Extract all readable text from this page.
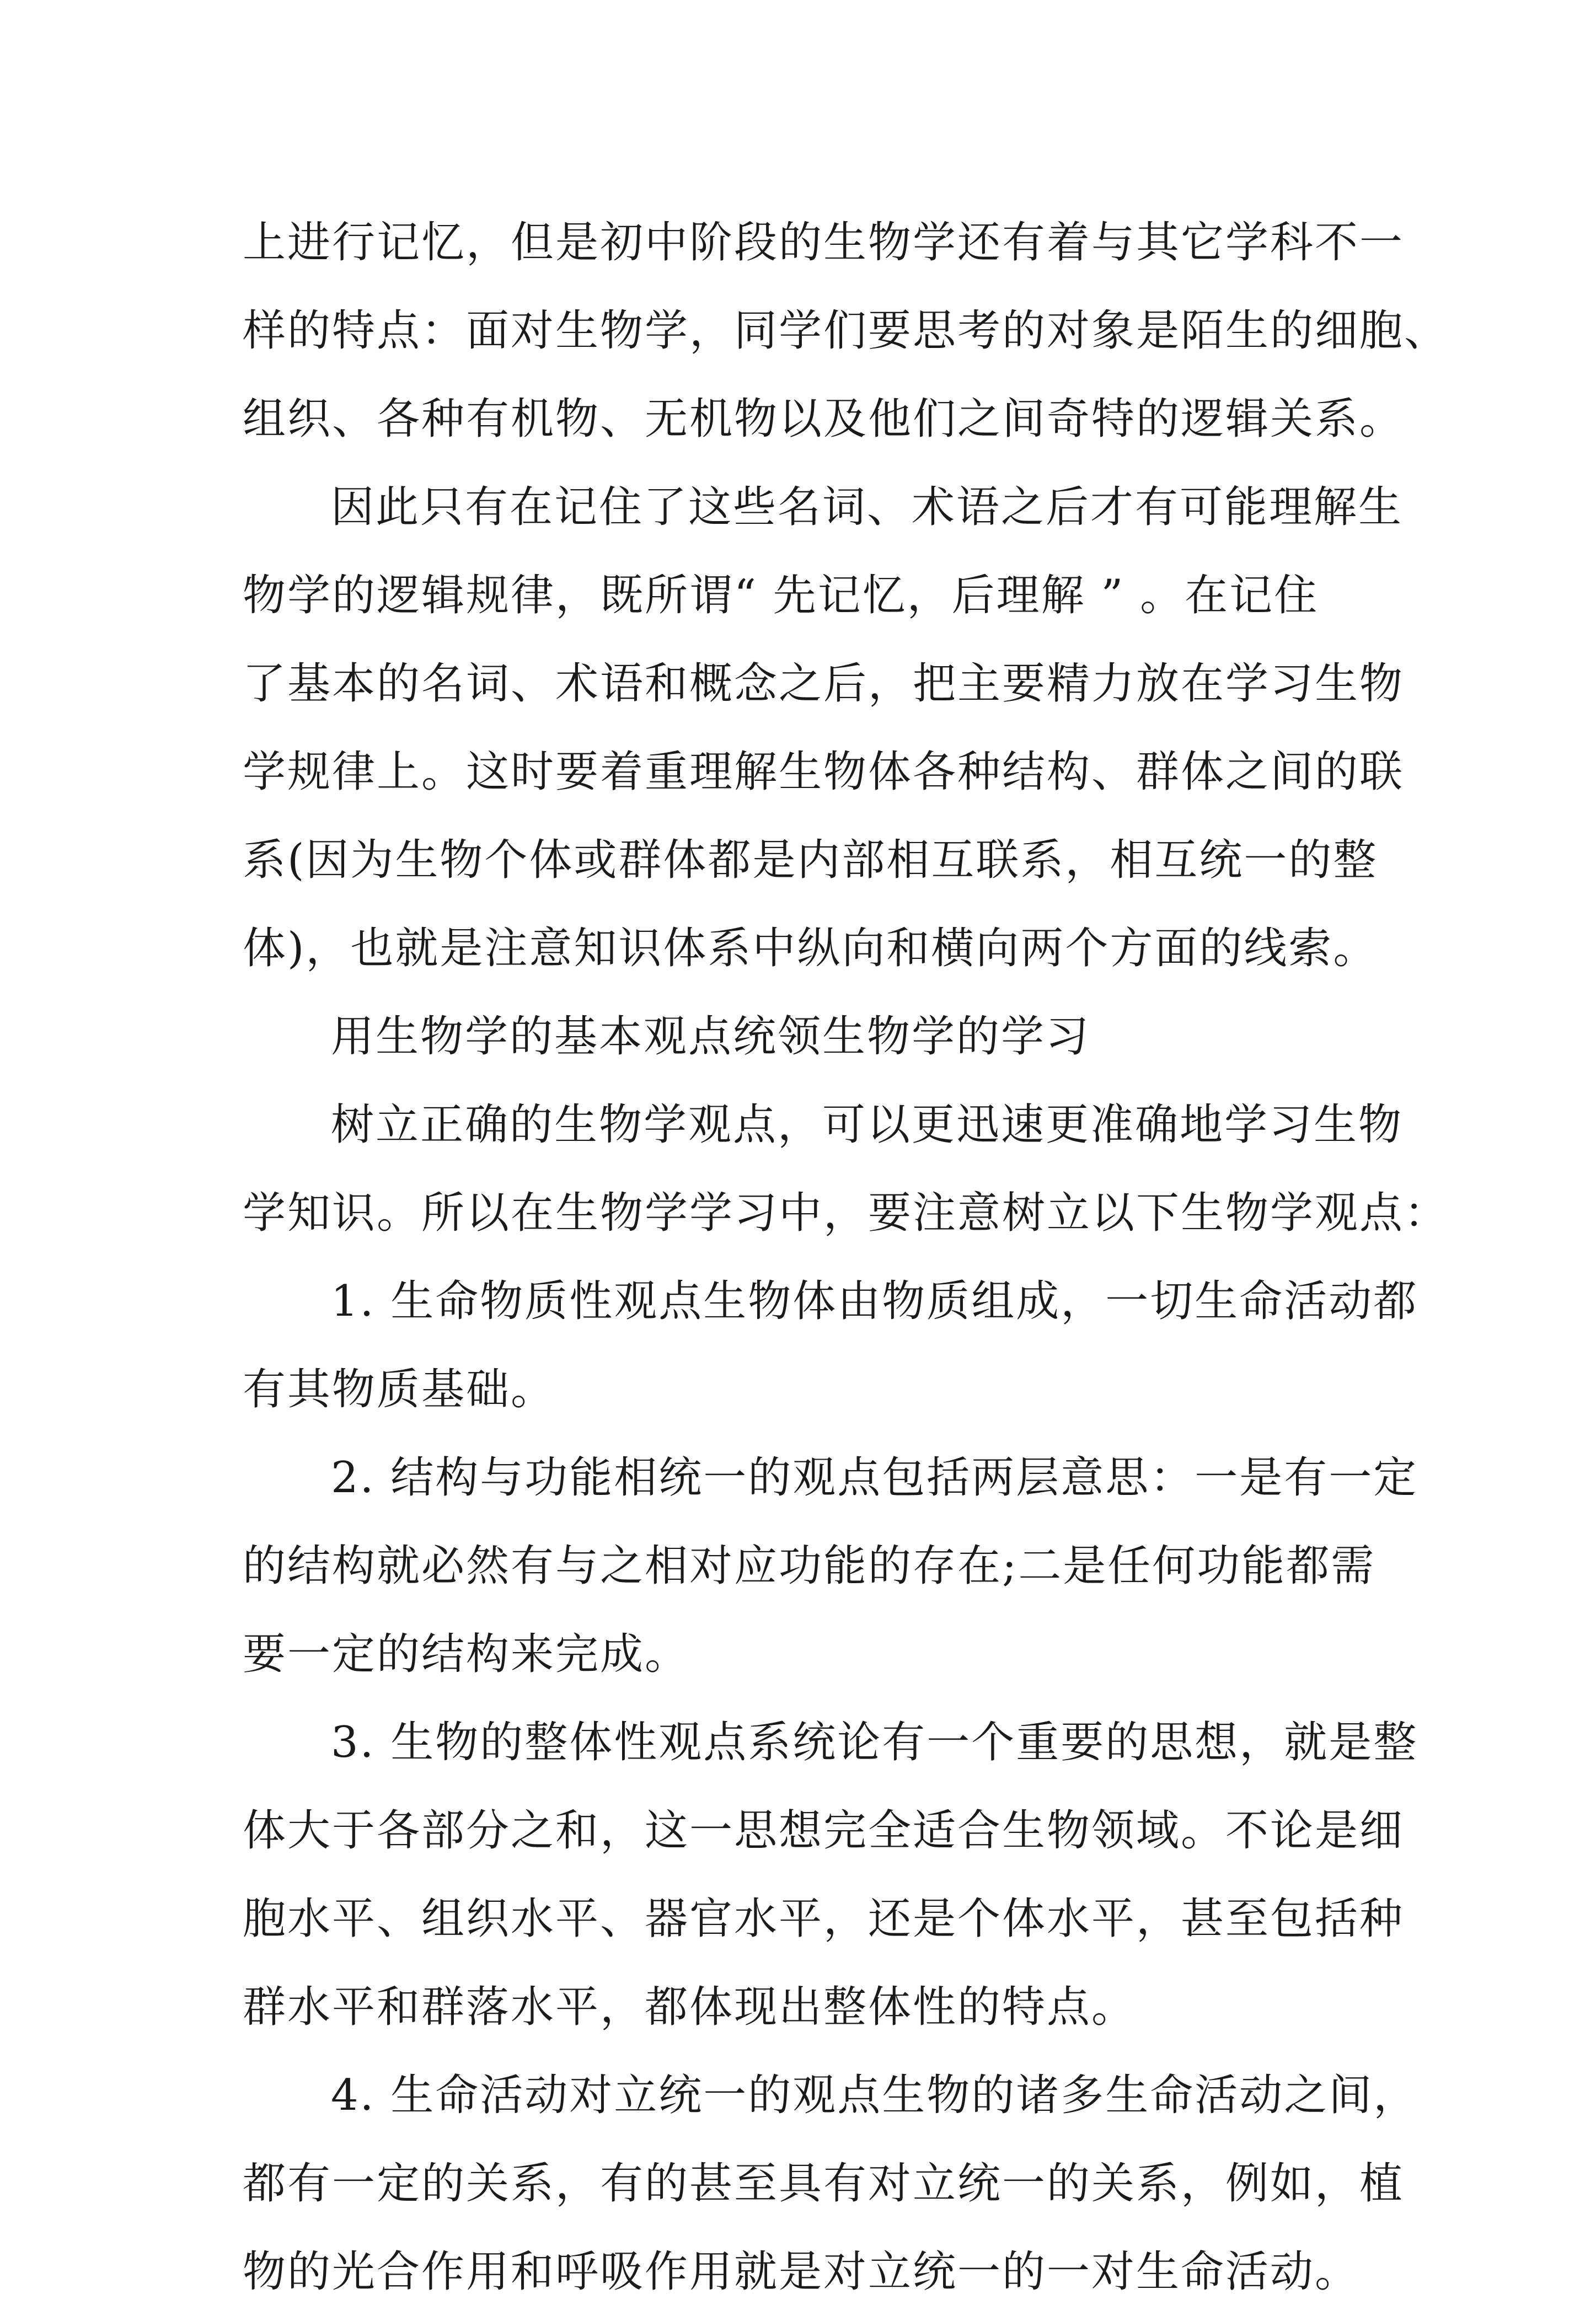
上进行记忆，但是初中阶段的生物学还有着与其它学科不一
样的特点：面对生物学，同学们要思考的对象是陌生的细胞、
组织、各种有机物、无机物以及他们之间奇特的逻辑关系。
因此只有在记住了这些名词、术语之后才有可能理解生
物学的逻辑规律，既所谓“ 先记忆，后理解 ” 。在记住
了基本的名词、术语和概念之后，把主要精力放在学习生物
学规律上。这时要着重理解生物体各种结构、群体之间的联
系(因为生物个体或群体都是内部相互联系，相互统一的整
体)，也就是注意知识体系中纵向和横向两个方面的线索。
用生物学的基本观点统领生物学的学习
树立正确的生物学观点，可以更迅速更准确地学习生物
学知识。所以在生物学学习中，要注意树立以下生物学观点：
1. 生命物质性观点生物体由物质组成，一切生命活动都
有其物质基础。
2. 结构与功能相统一的观点包括两层意思：一是有一定
的结构就必然有与之相对应功能的存在;二是任何功能都需
要一定的结构来完成。
3. 生物的整体性观点系统论有一个重要的思想，就是整
体大于各部分之和，这一思想完全适合生物领域。不论是细
胞水平、组织水平、器官水平，还是个体水平，甚至包括种
群水平和群落水平，都体现出整体性的特点。
4. 生命活动对立统一的观点生物的诸多生命活动之间，
都有一定的关系，有的甚至具有对立统一的关系，例如，植
物的光合作用和呼吸作用就是对立统一的一对生命活动。
